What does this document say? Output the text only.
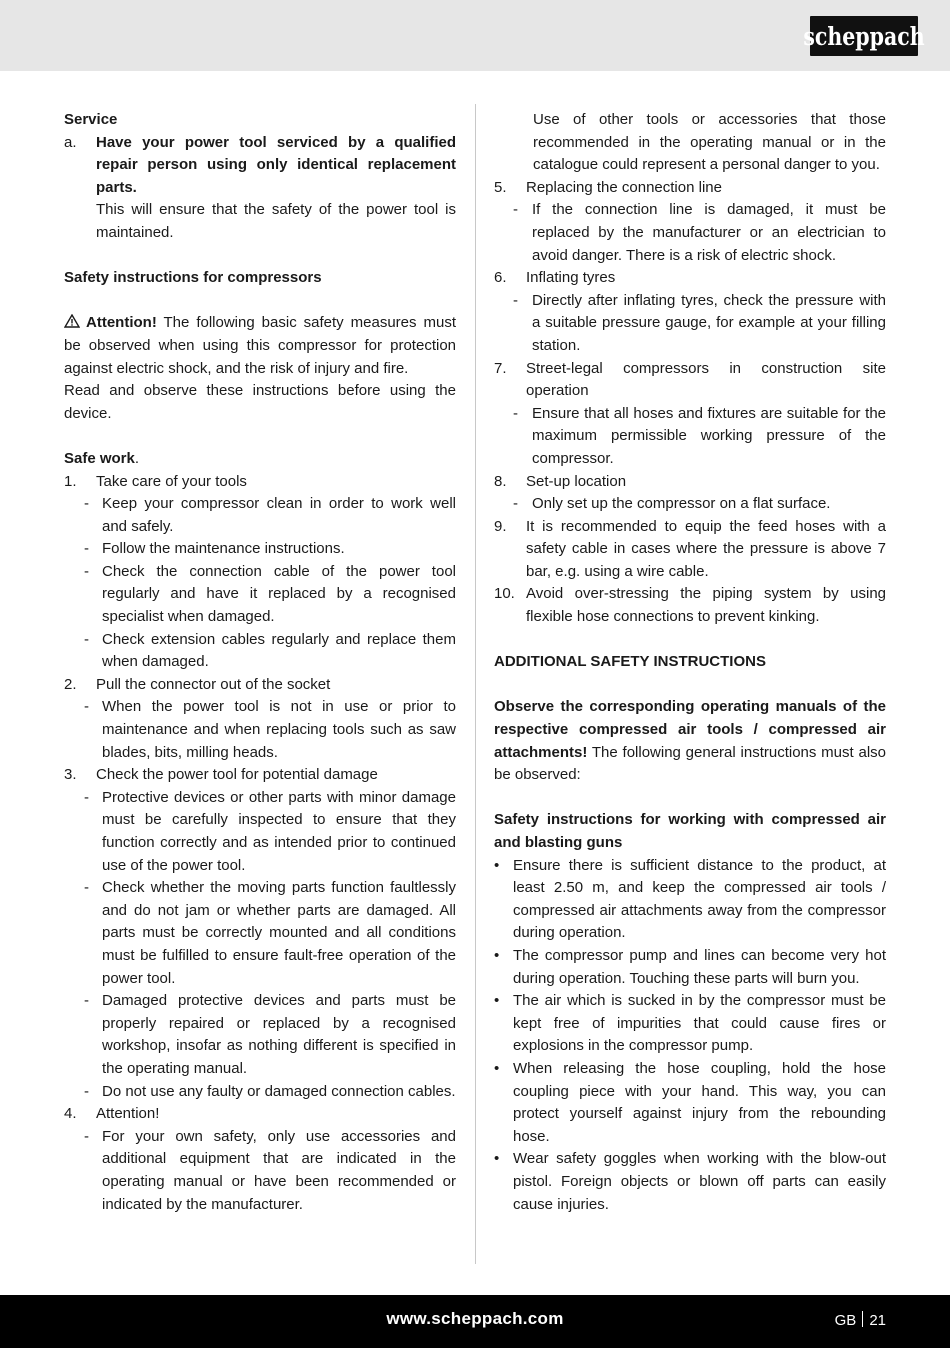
scheppach

Service

a.	Have your power tool serviced by a qualified repair person using only identical replacement parts.

This will ensure that the safety of the power tool is maintained.

Safety instructions for compressors

Attention! The following basic safety measures must be observed when using this compressor for protection against electric shock, and the risk of injury and fire.

Read and observe these instructions before using the device.

Safe work.

1.	Take care of your tools
- Keep your compressor clean in order to work well and safely.
- Follow the maintenance instructions.
- Check the connection cable of the power tool regularly and have it replaced by a recognised specialist when damaged.
- Check extension cables regularly and replace them when damaged.
2.	Pull the connector out of the socket
- When the power tool is not in use or prior to maintenance and when replacing tools such as saw blades, bits, milling heads.
3.	Check the power tool for potential damage
- Protective devices or other parts with minor damage must be carefully inspected to ensure that they function correctly and as intended prior to continued use of the power tool.
- Check whether the moving parts function faultlessly and do not jam or whether parts are damaged. All parts must be correctly mounted and all conditions must be fulfilled to ensure fault-free operation of the power tool.
- Damaged protective devices and parts must be properly repaired or replaced by a recognised workshop, insofar as nothing different is specified in the operating manual.
- Do not use any faulty or damaged connection cables.
4.	Attention!
- For your own safety, only use accessories and additional equipment that are indicated in the operating manual or have been recommended or indicated by the manufacturer.

Use of other tools or accessories that those recommended in the operating manual or in the catalogue could represent a personal danger to you.

5.	Replacing the connection line
- If the connection line is damaged, it must be replaced by the manufacturer or an electrician to avoid danger. There is a risk of electric shock.
6.	Inflating tyres
- Directly after inflating tyres, check the pressure with a suitable pressure gauge, for example at your filling station.
7.	Street-legal compressors in construction site operation
- Ensure that all hoses and fixtures are suitable for the maximum permissible working pressure of the compressor.
8.	Set-up location
- Only set up the compressor on a flat surface.
9.	It is recommended to equip the feed hoses with a safety cable in cases where the pressure is above 7 bar, e.g. using a wire cable.
10. Avoid over-stressing the piping system by using flexible hose connections to prevent kinking.

ADDITIONAL SAFETY INSTRUCTIONS

Observe the corresponding operating manuals of the respective compressed air tools / compressed air attachments! The following general instructions must also be observed:

Safety instructions for working with compressed air and blasting guns

• Ensure there is sufficient distance to the product, at least 2.50 m, and keep the compressed air tools / compressed air attachments away from the compressor during operation.
• The compressor pump and lines can become very hot during operation. Touching these parts will burn you.
• The air which is sucked in by the compressor must be kept free of impurities that could cause fires or explosions in the compressor pump.
• When releasing the hose coupling, hold the hose coupling piece with your hand. This way, you can protect yourself against injury from the rebounding hose.
• Wear safety goggles when working with the blow-out pistol. Foreign objects or blown off parts can easily cause injuries.
www.scheppach.com	GB 21
